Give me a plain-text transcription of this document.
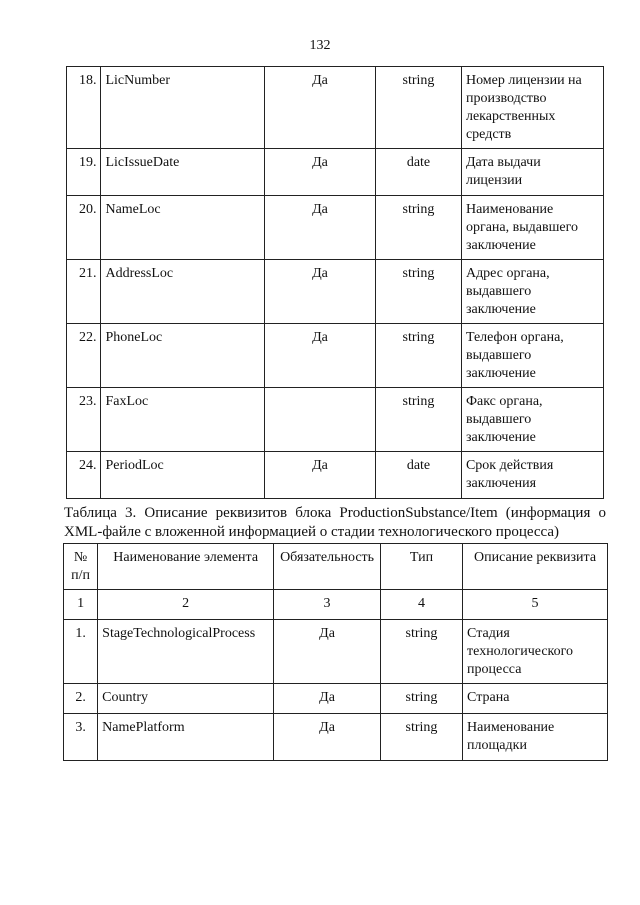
132
18.	LicNumber	Да	string	Номер лицензии на производство лекарственных средств
19.	LicIssueDate	Да	date	Дата выдачи лицензии
20.	NameLoc	Да	string	Наименование органа, выдавшего заключение
21.	AddressLoc	Да	string	Адрес органа, выдавшего заключение
22.	PhoneLoc	Да	string	Телефон органа, выдавшего заключение
23.	FaxLoc		string	Факс органа, выдавшего заключение
24.	PeriodLoc	Да	date	Срок действия заключения
Таблица 3. Описание реквизитов блока ProductionSubstance/Item (информация о XML-файле с вложенной информацией о стадии технологического процесса)
№ п/п	Наименование элемента	Обязательность	Тип	Описание реквизита
1	2	3	4	5
1.	StageTechnologicalProcess	Да	string	Стадия технологического процесса
2.	Country	Да	string	Страна
3.	NamePlatform	Да	string	Наименование площадки
